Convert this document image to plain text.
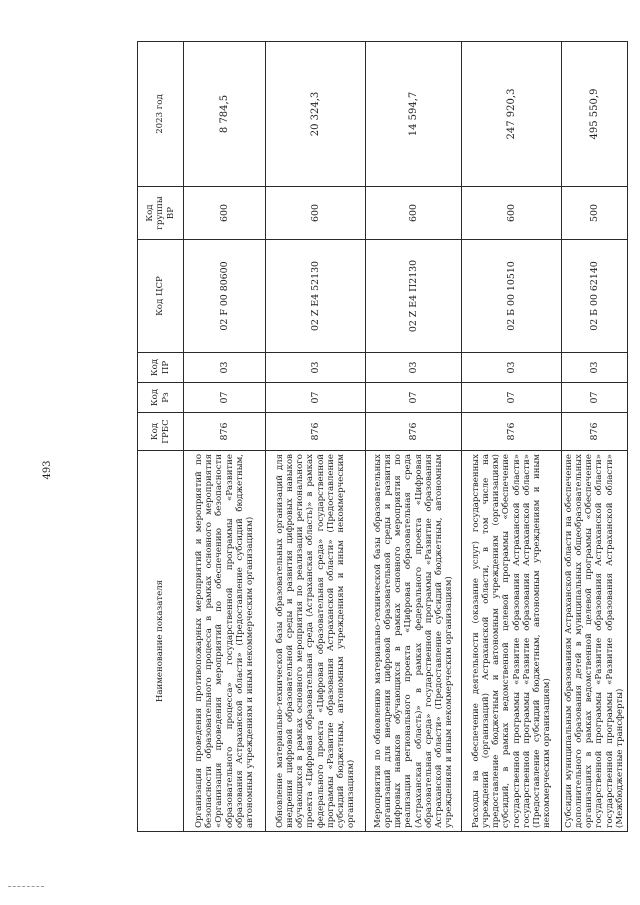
493
Наименование показателя	Код ГРБС	Код Рз	Код ПР	Код ЦСР	Код группы ВР	2023 год
Организация проведения противопожарных мероприятий и мероприятий по безопасности образовательного процесса в рамках основного мероприятия «Организация проведения мероприятий по обеспечению безопасности образовательного процесса» государственной программы «Развитие образования Астраханской области» (Предоставление субсидий бюджетным, автономным учреждениям и иным некоммерческим организациям)	876	07	03	02 F 00 80600	600	8 784,5
Обновление материально-технической базы образовательных организаций для внедрения цифровой образовательной среды и развития цифровых навыков обучающихся в рамках основного мероприятия по реализации регионального проекта «Цифровая образовательная среда (Астраханская область)» в рамках федерального проекта «Цифровая образовательная среда» государственной программы «Развитие образования Астраханской области» (Предоставление субсидий бюджетным, автономным учреждениям и иным некоммерческим организациям)	876	07	03	02 Z E4 52130	600	20 324,3
Мероприятия по обновлению материально-технической базы образовательных организаций для внедрения цифровой образовательной среды и развития цифровых навыков обучающихся в рамках основного мероприятия по реализации регионального проекта «Цифровая образовательная среда (Астраханская область)» в рамках федерального проекта «Цифровая образовательная среда» государственной программы «Развитие образования Астраханской области» (Предоставление субсидий бюджетным, автономным учреждениям и иным некоммерческим организациям)	876	07	03	02 Z E4 П2130	600	14 594,7
Расходы на обеспечение деятельности (оказание услуг) государственных учреждений (организаций) Астраханской области, в том числе на предоставление бюджетным и автономным учреждениям (организациям) субсидий, в рамках ведомственной целевой программы «Обеспечение государственной программы «Развитие образования Астраханской области» государственной программы «Развитие образования Астраханской области» (Предоставление субсидий бюджетным, автономным учреждениям и иным некоммерческим организациям)	876	07	03	02 Б 00 10510	600	247 920,3
Субсидии муниципальным образованиям Астраханской области на обеспечение дополнительного образования детей в муниципальных общеобразовательных организациях в рамках ведомственной целевой программы «Обеспечение государственной программы «Развитие образования Астраханской области» государственной программы «Развитие образования Астраханской области» (Межбюджетные трансферты)	876	07	03	02 Б 00 62140	500	495 550,9
